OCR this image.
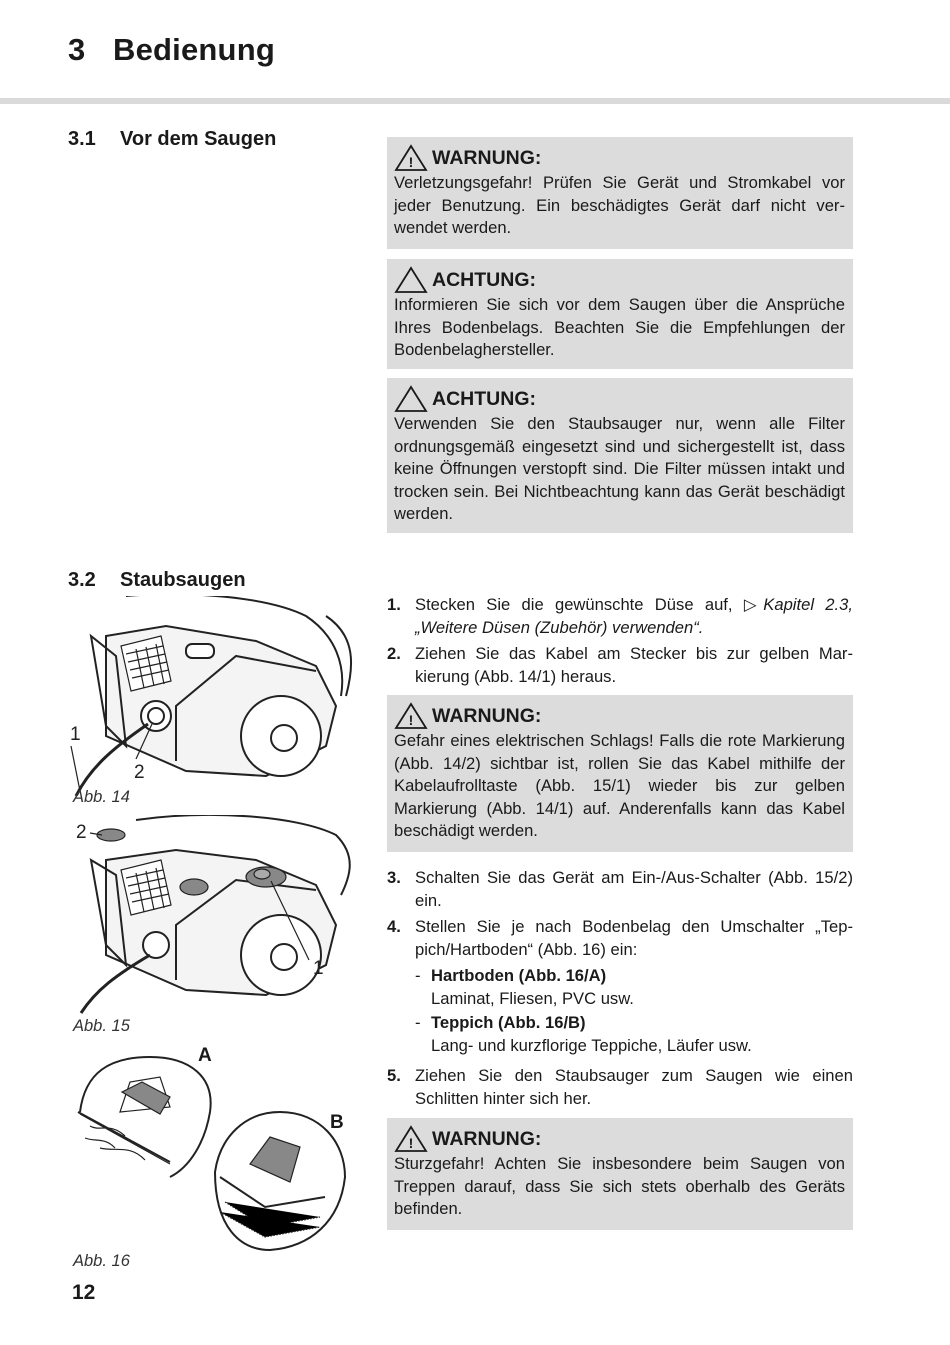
3 Bedienung
3.1 Vor dem Saugen
! WARNUNG:
Verletzungsgefahr! Prüfen Sie Gerät und Stromkabel vor jeder Benutzung. Ein beschädigtes Gerät darf nicht verwendet werden.
ACHTUNG:
Informieren Sie sich vor dem Saugen über die Ansprüche Ihres Bodenbelags. Beachten Sie die Empfehlungen der Bodenbelaghersteller.
ACHTUNG:
Verwenden Sie den Staubsauger nur, wenn alle Filter ordnungsgemäß eingesetzt sind und sichergestellt ist, dass keine Öffnungen verstopft sind. Die Filter müssen intakt und trocken sein. Bei Nichtbeachtung kann das Gerät beschädigt werden.
3.2 Staubsaugen
1. Stecken Sie die gewünschte Düse auf, ▷Kapitel 2.3, „Weitere Düsen (Zubehör) verwenden“.
2. Ziehen Sie das Kabel am Stecker bis zur gelben Markierung (Abb. 14/1) heraus.
! WARNUNG:
Gefahr eines elektrischen Schlags! Falls die rote Markierung (Abb. 14/2) sichtbar ist, rollen Sie das Kabel mithilfe der Kabelaufrolltaste (Abb. 15/1) wieder bis zur gelben Markierung (Abb. 14/1) auf. Anderenfalls kann das Kabel beschädigt werden.
3. Schalten Sie das Gerät am Ein-/Aus-Schalter (Abb. 15/2) ein.
4. Stellen Sie je nach Bodenbelag den Umschalter „Teppich/Hartboden“ (Abb. 16) ein:
- Hartboden (Abb. 16/A)
Laminat, Fliesen, PVC usw.
- Teppich (Abb. 16/B)
Lang- und kurzflorige Teppiche, Läufer usw.
5. Ziehen Sie den Staubsauger zum Saugen wie einen Schlitten hinter sich her.
! WARNUNG:
Sturzgefahr! Achten Sie insbesondere beim Saugen von Treppen darauf, dass Sie sich stets oberhalb des Geräts befinden.
1
2
Abb. 14
2
1
Abb. 15
A
B
Abb. 16
12
